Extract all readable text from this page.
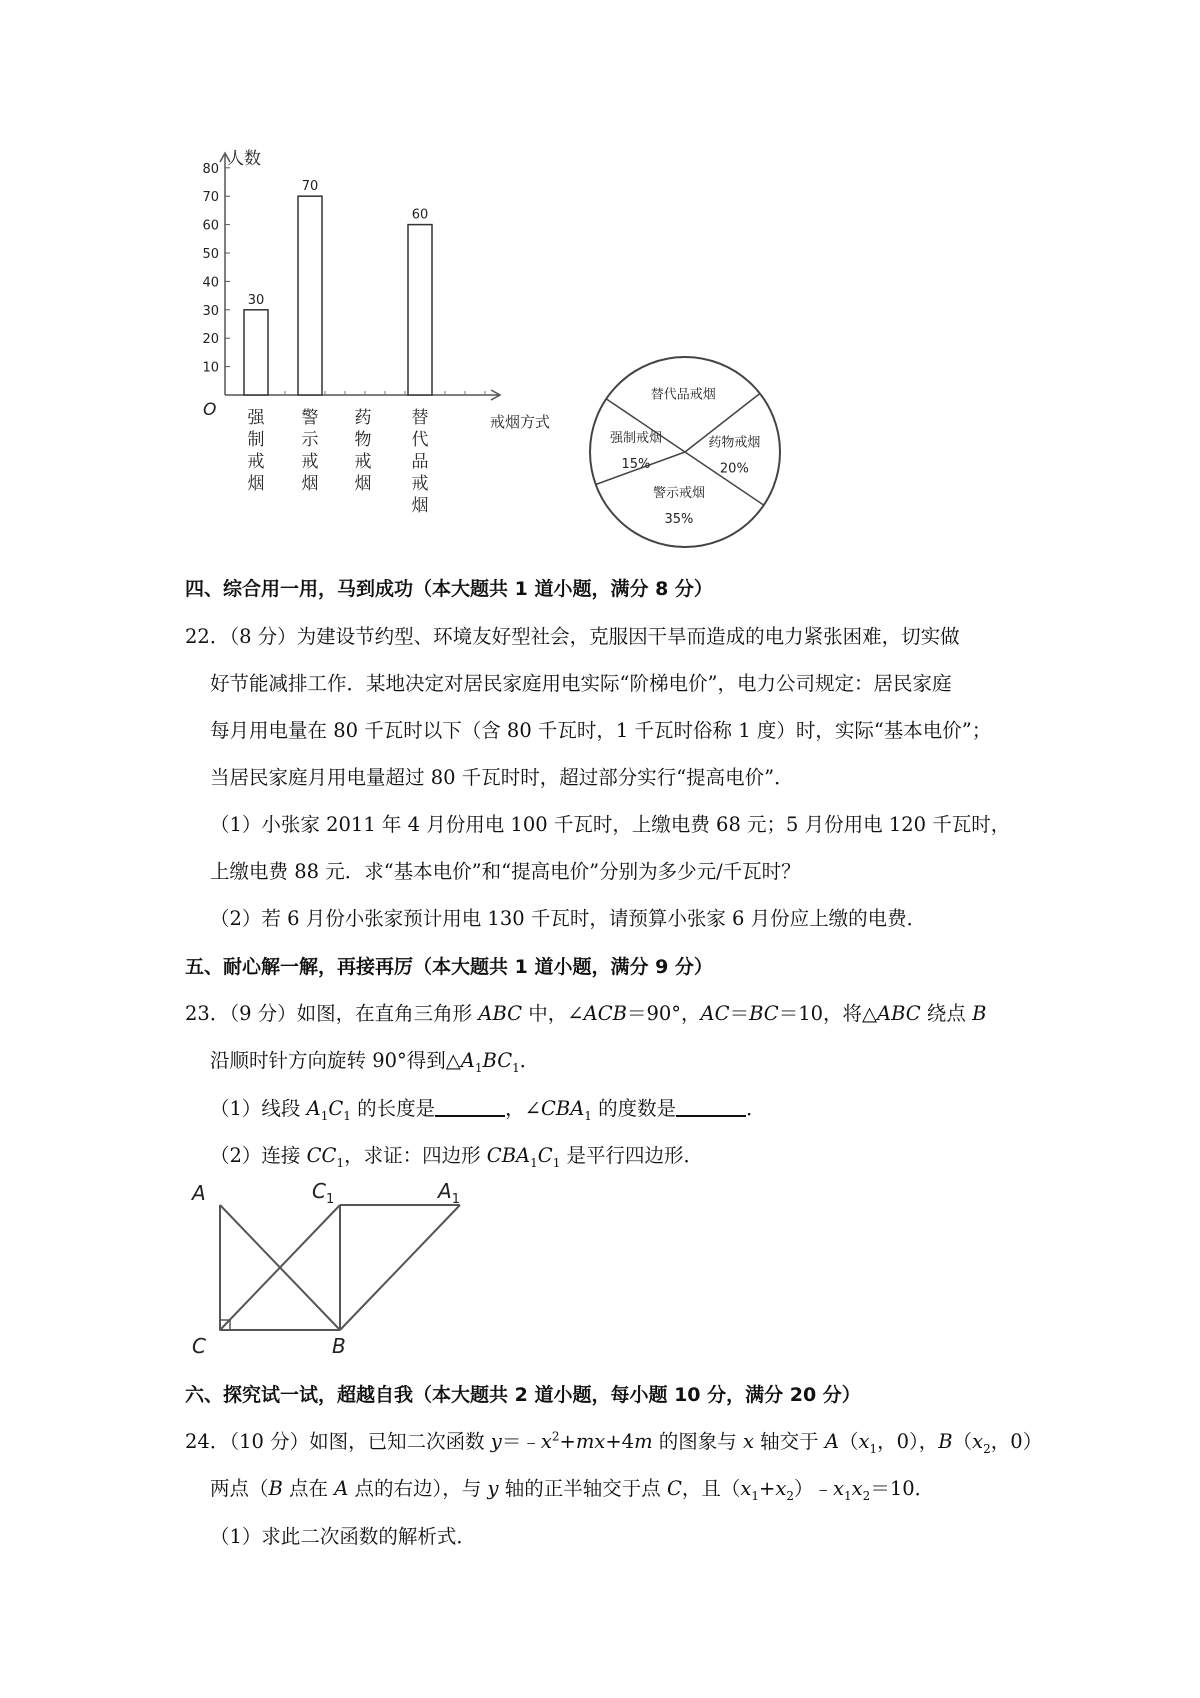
人数
O
10
20
30
40
50
60
70
80
30
强制戒烟
70
警示戒烟
药物戒烟
60
替代品戒烟
戒烟方式
强制戒烟
15%
替代品戒烟
药物戒烟
20%
警示戒烟
35%
四、综合用一用，马到成功（本大题共 1 道小题，满分 8 分）
22．（8 分）为建设节约型、环境友好型社会，克服因干旱而造成的电力紧张困难，切实做
好节能减排工作．某地决定对居民家庭用电实际“阶梯电价”，电力公司规定：居民家庭
每月用电量在 80 千瓦时以下（含 80 千瓦时，1 千瓦时俗称 1 度）时，实际“基本电价”；
当居民家庭月用电量超过 80 千瓦时时，超过部分实行“提高电价”．
（1）小张家 2011 年 4 月份用电 100 千瓦时，上缴电费 68 元；5 月份用电 120 千瓦时，
上缴电费 88 元．求“基本电价”和“提高电价”分别为多少元/千瓦时？
（2）若 6 月份小张家预计用电 130 千瓦时，请预算小张家 6 月份应上缴的电费．
五、耐心解一解，再接再厉（本大题共 1 道小题，满分 9 分）
23．（9 分）如图，在直角三角形 ABC 中，∠ACB＝90°，AC＝BC＝10，将△ABC 绕点 B
沿顺时针方向旋转 90°得到$\triangle A_1BC_1$．
（1）线段 $A_1C_1$ 的长度是	，$\angle CBA_1$ 的度数是	．
（2）连接 $CC_1$，求证：四边形 $CBA_1C_1$ 是平行四边形．
A	$C_1$	$A_1$
C	B
六、探究试一试，超越自我（本大题共 2 道小题，每小题 10 分，满分 20 分）
24．（10 分）如图，已知二次函数 $y=﹣x^2+mx+4m$ 的图象与 x 轴交于 $A(x_1$，0），$B(x_2$，0）
两点（B 点在 A 点的右边），与 y 轴的正半轴交于点 C，且$(x_1+x_2)﹣x_1x_2=10$．
（1）求此二次函数的解析式．
